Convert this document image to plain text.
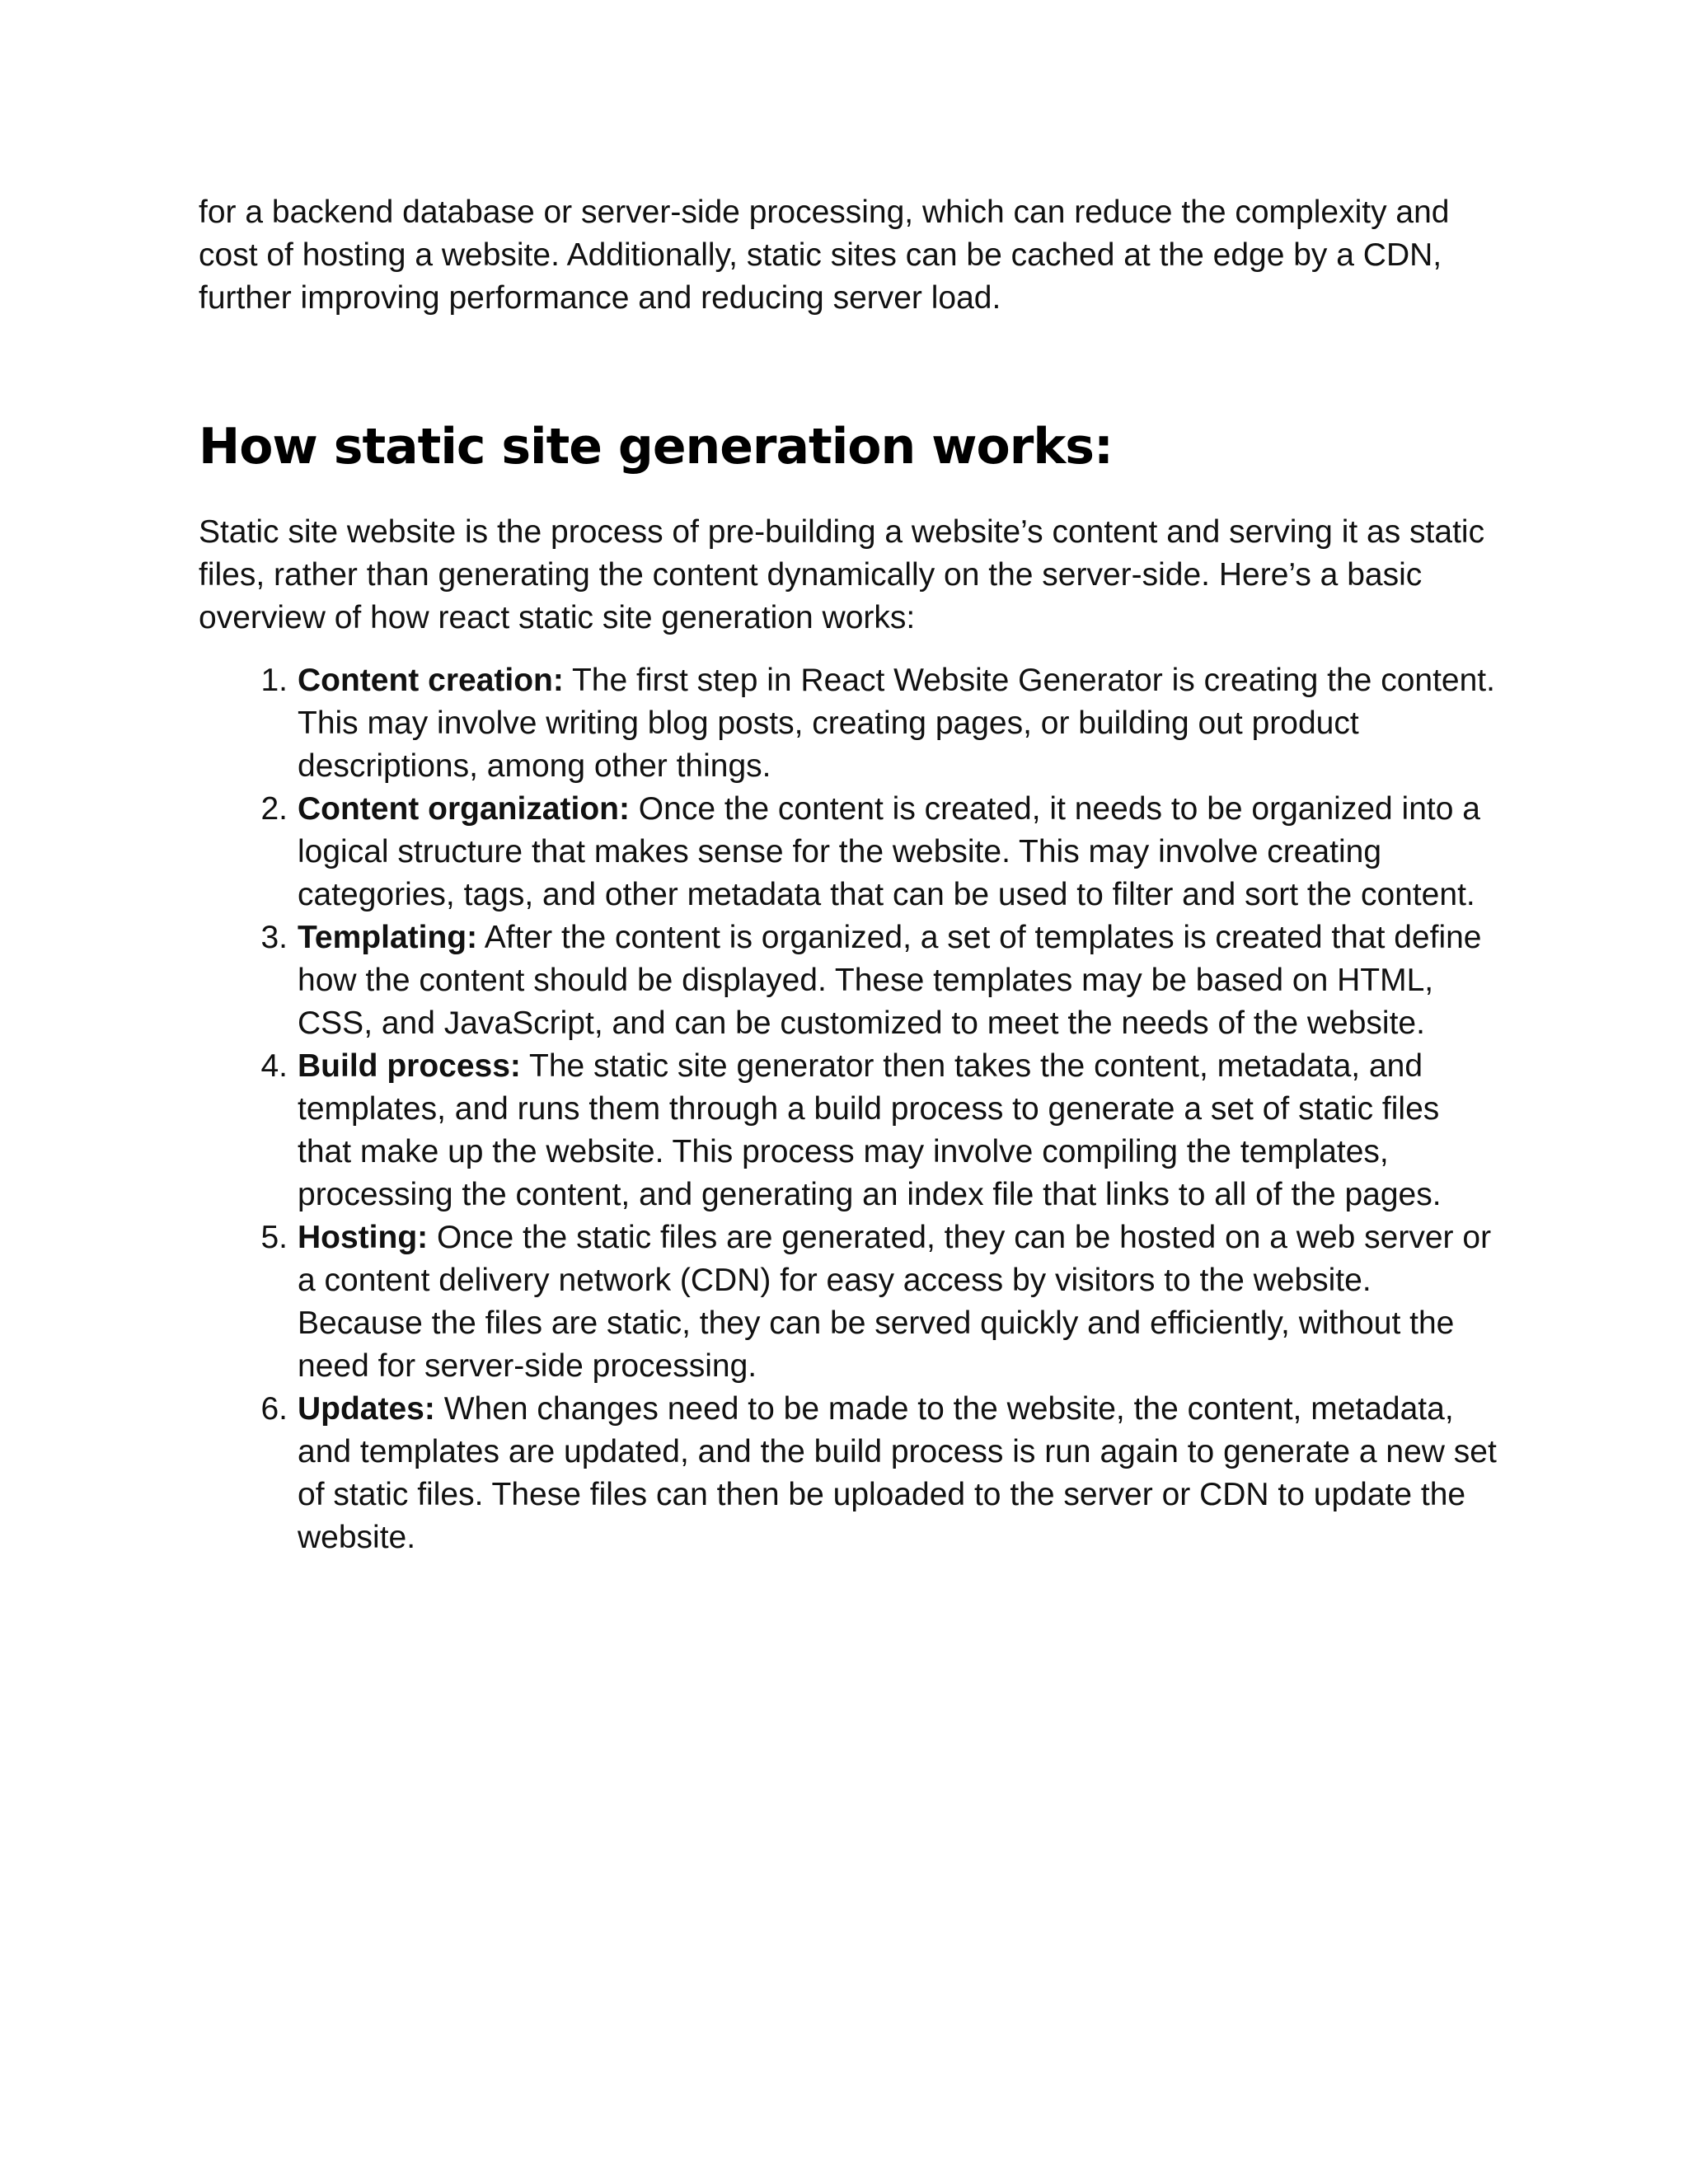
for a backend database or server-side processing, which can reduce the complexity and cost of hosting a website. Additionally, static sites can be cached at the edge by a CDN, further improving performance and reducing server load.

How static site generation works:

Static site website is the process of pre-building a website’s content and serving it as static files, rather than generating the content dynamically on the server-side. Here’s a basic overview of how react static site generation works:

1. Content creation: The first step in React Website Generator is creating the content. This may involve writing blog posts, creating pages, or building out product descriptions, among other things.
2. Content organization: Once the content is created, it needs to be organized into a logical structure that makes sense for the website. This may involve creating categories, tags, and other metadata that can be used to filter and sort the content.
3. Templating: After the content is organized, a set of templates is created that define how the content should be displayed. These templates may be based on HTML, CSS, and JavaScript, and can be customized to meet the needs of the website.
4. Build process: The static site generator then takes the content, metadata, and templates, and runs them through a build process to generate a set of static files that make up the website. This process may involve compiling the templates, processing the content, and generating an index file that links to all of the pages.
5. Hosting: Once the static files are generated, they can be hosted on a web server or a content delivery network (CDN) for easy access by visitors to the website. Because the files are static, they can be served quickly and efficiently, without the need for server-side processing.
6. Updates: When changes need to be made to the website, the content, metadata, and templates are updated, and the build process is run again to generate a new set of static files. These files can then be uploaded to the server or CDN to update the website.
